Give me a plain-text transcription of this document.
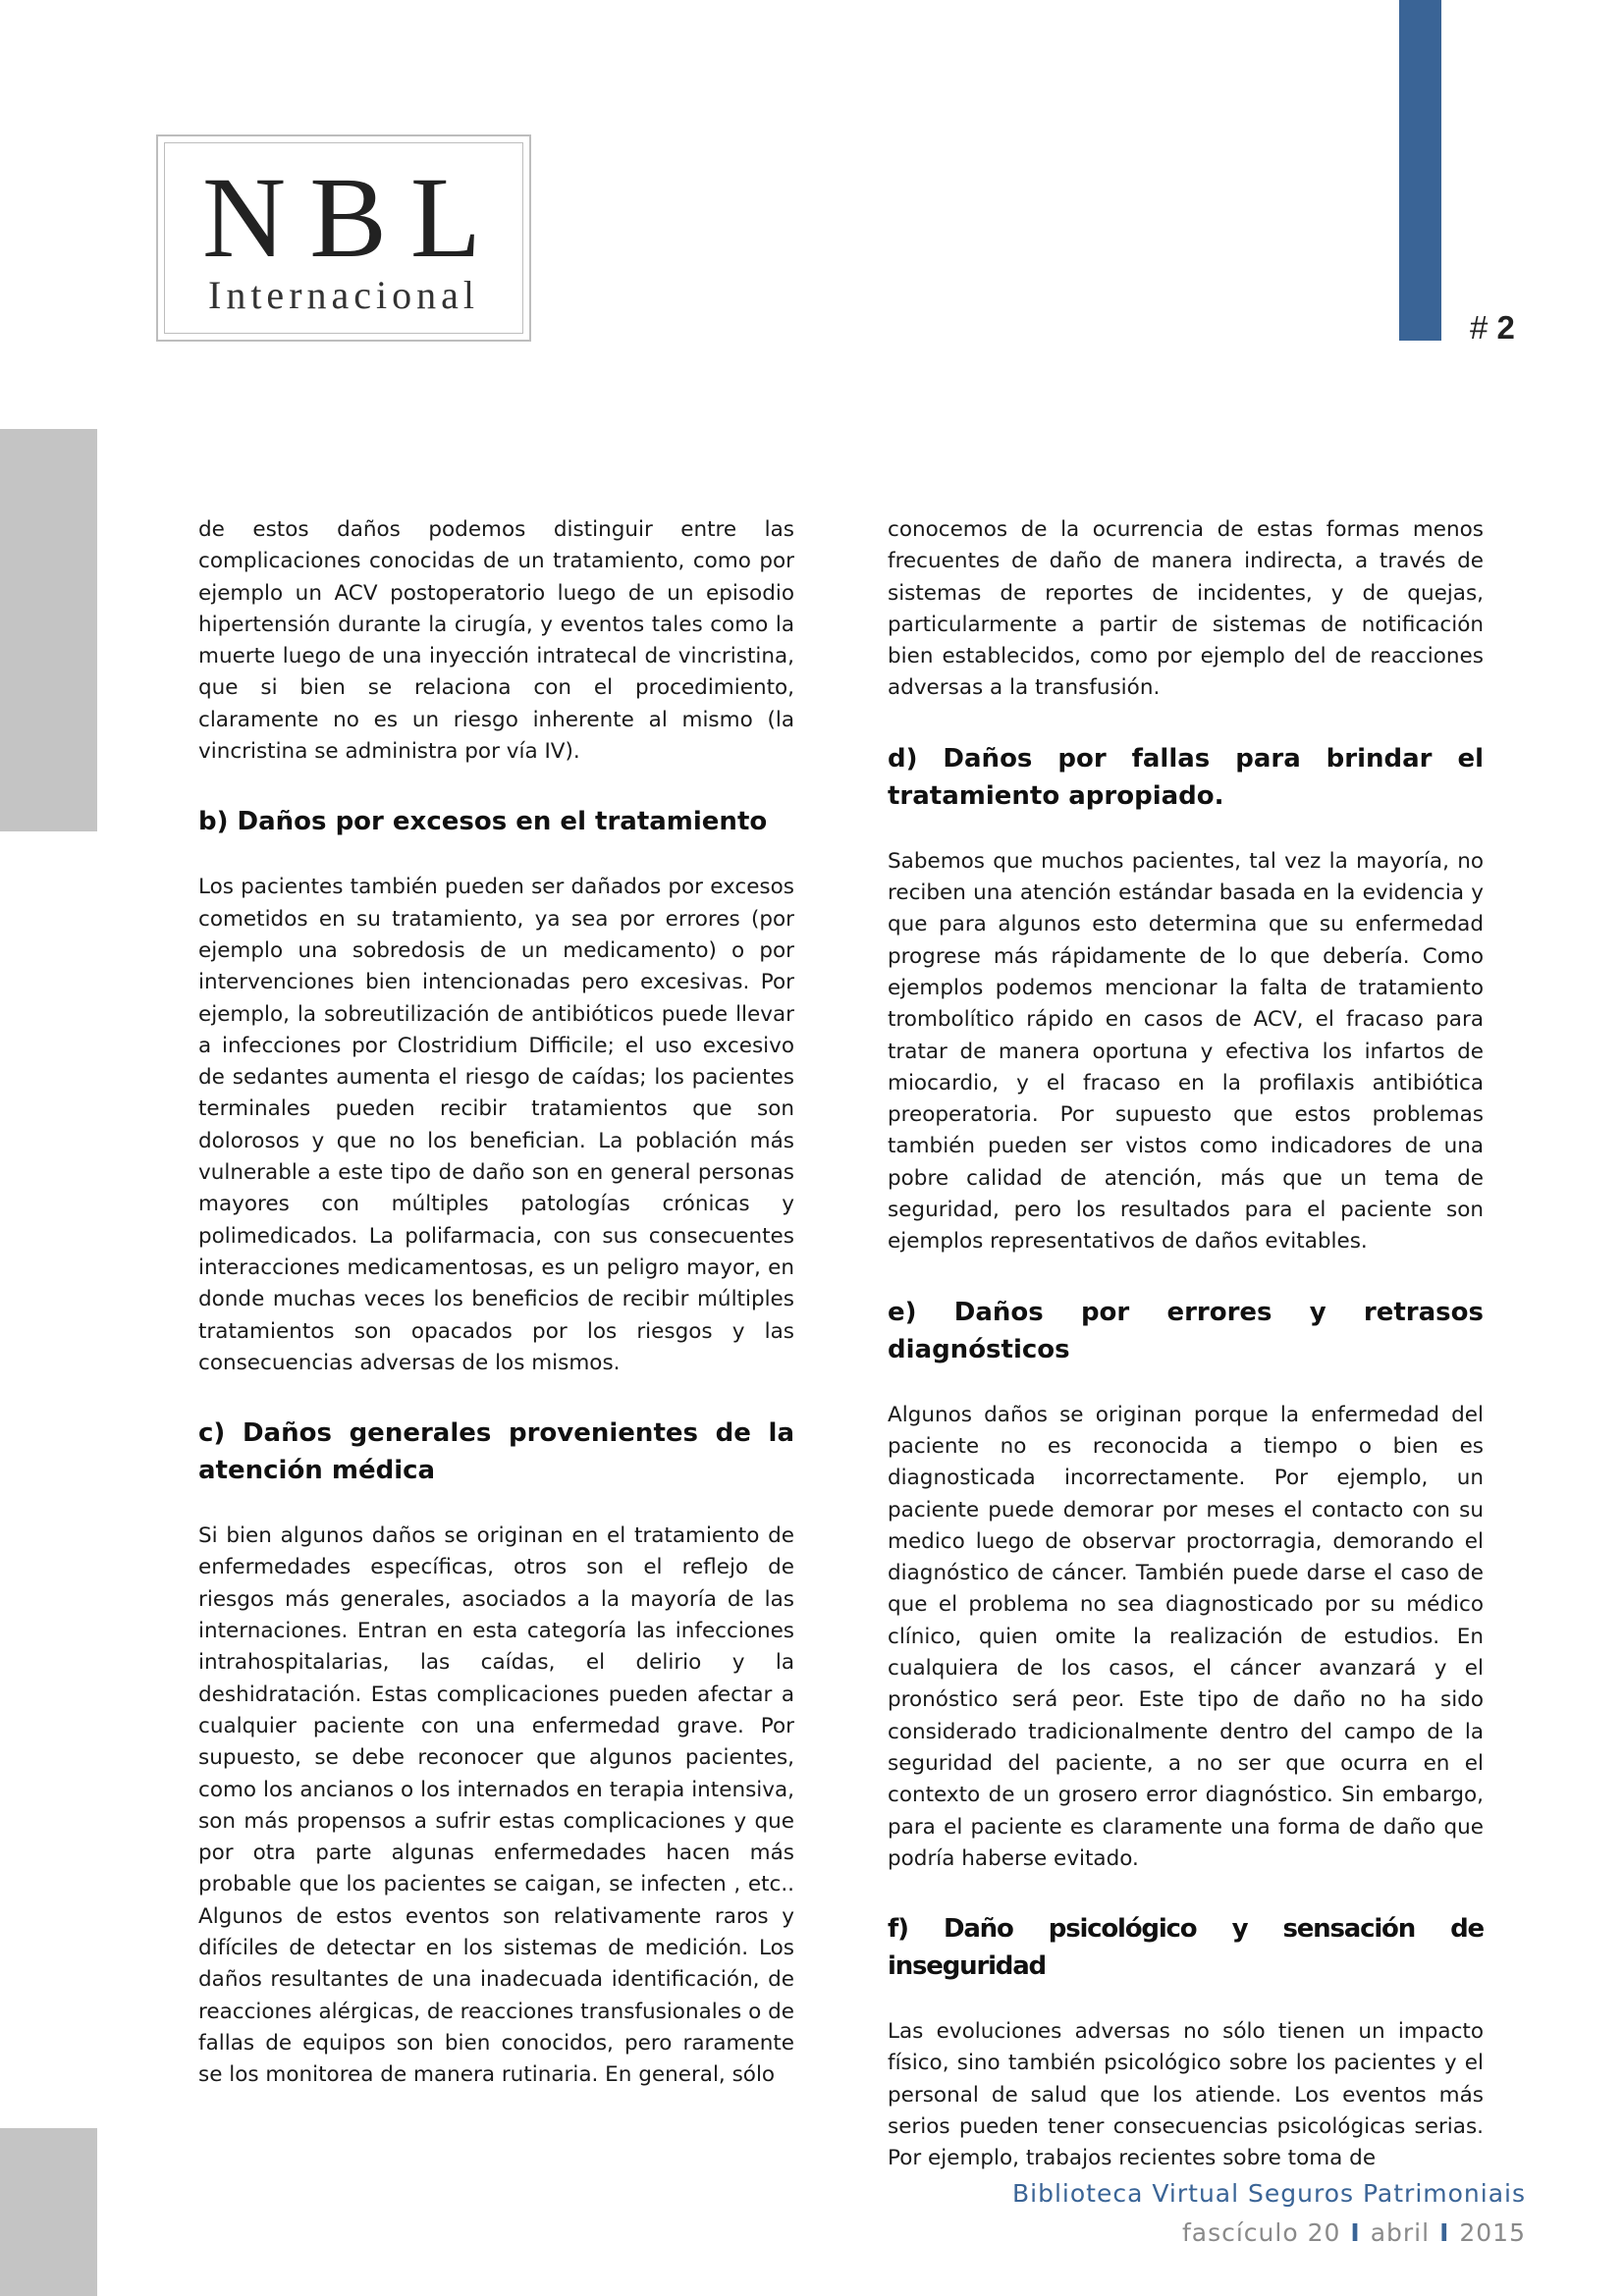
# 2
NBL
Internacional

de estos daños podemos distinguir entre las complicaciones conocidas de un tratamiento, como por ejemplo un ACV postoperatorio luego de un episodio hipertensión durante la cirugía, y eventos tales como la muerte luego de una inyección intratecal de vincristina, que si bien se relaciona con el procedimiento, claramente no es un riesgo inherente al mismo (la vincristina se administra por vía IV).

b) Daños por excesos en el tratamiento

Los pacientes también pueden ser dañados por excesos cometidos en su tratamiento, ya sea por errores (por ejemplo una sobredosis de un medicamento) o por intervenciones bien intencionadas pero excesivas. Por ejemplo, la sobreutilización de antibióticos puede llevar a infecciones por Clostridium Difficile; el uso excesivo de sedantes aumenta el riesgo de caídas; los pacientes terminales pueden recibir tratamientos que son dolorosos y que no los benefician. La población más vulnerable a este tipo de daño son en general personas mayores con múltiples patologías crónicas y polimedicados. La polifarmacia, con sus consecuentes interacciones medicamentosas, es un peligro mayor, en donde muchas veces los beneficios de recibir múltiples tratamientos son opacados por los riesgos y las consecuencias adversas de los mismos.

c) Daños generales provenientes de la atención médica

Si bien algunos daños se originan en el tratamiento de enfermedades específicas, otros son el reflejo de riesgos más generales, asociados a la mayoría de las internaciones. Entran en esta categoría las infecciones intrahospitalarias, las caídas, el delirio y la deshidratación. Estas complicaciones pueden afectar a cualquier paciente con una enfermedad grave. Por supuesto, se debe reconocer que algunos pacientes, como los ancianos o los internados en terapia intensiva, son más propensos a sufrir estas complicaciones y que por otra parte algunas enfermedades hacen más probable que los pacientes se caigan, se infecten , etc.. Algunos de estos eventos son relativamente raros y difíciles de detectar en los sistemas de medición. Los daños resultantes de una inadecuada identificación, de reacciones alérgicas, de reacciones transfusionales o de fallas de equipos son bien conocidos, pero raramente se los monitorea de manera rutinaria. En general, sólo

conocemos de la ocurrencia de estas formas menos frecuentes de daño de manera indirecta, a través de sistemas de reportes de incidentes, y de quejas, particularmente a partir de sistemas de notificación bien establecidos, como por ejemplo del de reacciones adversas a la transfusión.

d) Daños por fallas para brindar el tratamiento apropiado.

Sabemos que muchos pacientes, tal vez la mayoría, no reciben una atención estándar basada en la evidencia y que para algunos esto determina que su enfermedad progrese más rápidamente de lo que debería. Como ejemplos podemos mencionar la falta de tratamiento trombolítico rápido en casos de ACV, el fracaso para tratar de manera oportuna y efectiva los infartos de miocardio, y el fracaso en la profilaxis antibiótica preoperatoria. Por supuesto que estos problemas también pueden ser vistos como indicadores de una pobre calidad de atención, más que un tema de seguridad, pero los resultados para el paciente son ejemplos representativos de daños evitables.

e) Daños por errores y retrasos diagnósticos

Algunos daños se originan porque la enfermedad del paciente no es reconocida a tiempo o bien es diagnosticada incorrectamente. Por ejemplo, un paciente puede demorar por meses el contacto con su medico luego de observar proctorragia, demorando el diagnóstico de cáncer. También puede darse el caso de que el problema no sea diagnosticado por su médico clínico, quien omite la realización de estudios. En cualquiera de los casos, el cáncer avanzará y el pronóstico será peor. Este tipo de daño no ha sido considerado tradicionalmente dentro del campo de la seguridad del paciente, a no ser que ocurra en el contexto de un grosero error diagnóstico. Sin embargo, para el paciente es claramente una forma de daño que podría haberse evitado.

f) Daño psicológico y sensación de inseguridad

Las evoluciones adversas no sólo tienen un impacto físico, sino también psicológico sobre los pacientes y el personal de salud que los atiende. Los eventos más serios pueden tener consecuencias psicológicas serias. Por ejemplo, trabajos recientes sobre toma de

Biblioteca Virtual Seguros Patrimoniais
fascículo 20 I abril I 2015
